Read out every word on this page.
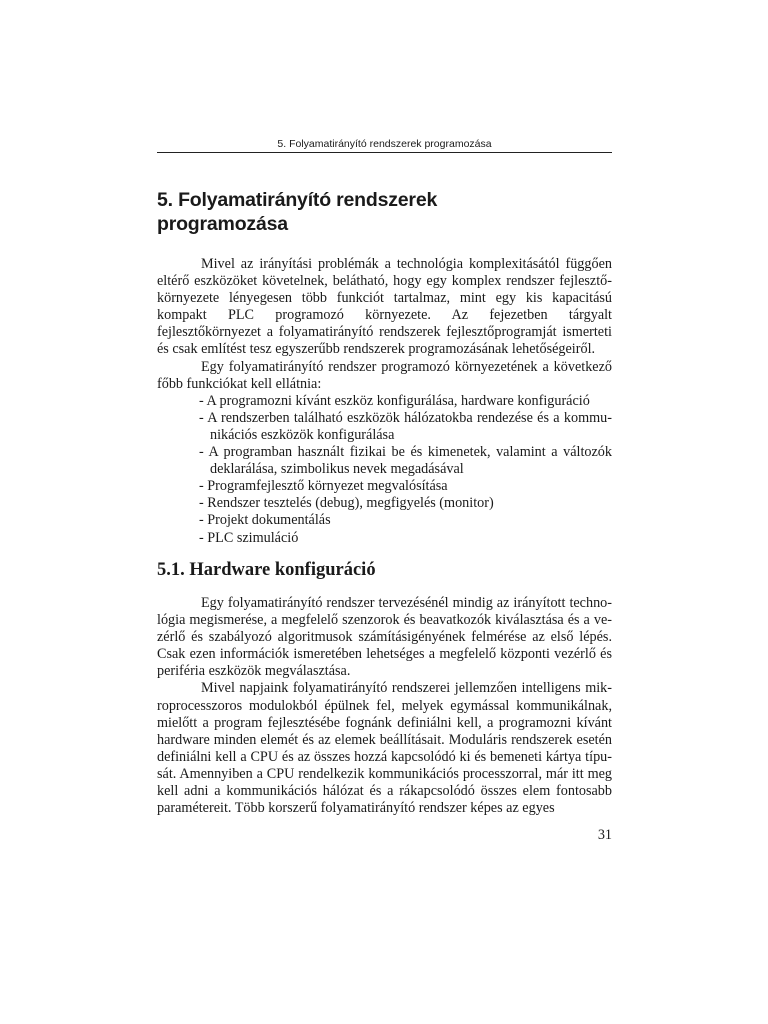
5. Folyamatirányító rendszerek programozása
5. Folyamatirányító rendszerek
programozása

Mivel az irányítási problémák a technológia komplexitásától függően eltérő eszközöket követelnek, belátható, hogy egy komplex rendszer fejlesztőkörnyezete lényegesen több funkciót tartalmaz, mint egy kis kapacitású kompakt PLC programozó környezete. Az fejezetben tárgyalt fejlesztőkörnyezet a folyamatirányító rendszerek fejlesztőprogramját ismerteti és csak említést tesz egyszerűbb rendszerek programozásának lehetőségeiről.

Egy folyamatirányító rendszer programozó környezetének a következő főbb funkciókat kell ellátnia:

- A programozni kívánt eszköz konfigurálása, hardware konfiguráció
- A rendszerben található eszközök hálózatokba rendezése és a kommunikációs eszközök konfigurálása
- A programban használt fizikai be és kimenetek, valamint a változók deklarálása, szimbolikus nevek megadásával
- Programfejlesztő környezet megvalósítása
- Rendszer tesztelés (debug), megfigyelés (monitor)
- Projekt dokumentálás
- PLC szimuláció
5.1. Hardware konfiguráció

Egy folyamatirányító rendszer tervezésénél mindig az irányított technológia megismerése, a megfelelő szenzorok és beavatkozók kiválasztása és a vezérlő és szabályozó algoritmusok számításigényének felmérése az első lépés. Csak ezen információk ismeretében lehetséges a megfelelő központi vezérlő és periféria eszközök megválasztása.

Mivel napjaink folyamatirányító rendszerei jellemzően intelligens mikroprocesszoros modulokból épülnek fel, melyek egymással kommunikálnak, mielőtt a program fejlesztésébe fognánk definiálni kell, a programozni kívánt hardware minden elemét és az elemek beállításait. Moduláris rendszerek esetén definiálni kell a CPU és az összes hozzá kapcsolódó ki és bemeneti kártya típusát. Amennyiben a CPU rendelkezik kommunikációs processzorral, már itt meg kell adni a kommunikációs hálózat és a rákapcsolódó összes elem fontosabb paramétereit. Több korszerű folyamatirányító rendszer képes az egyes

31
